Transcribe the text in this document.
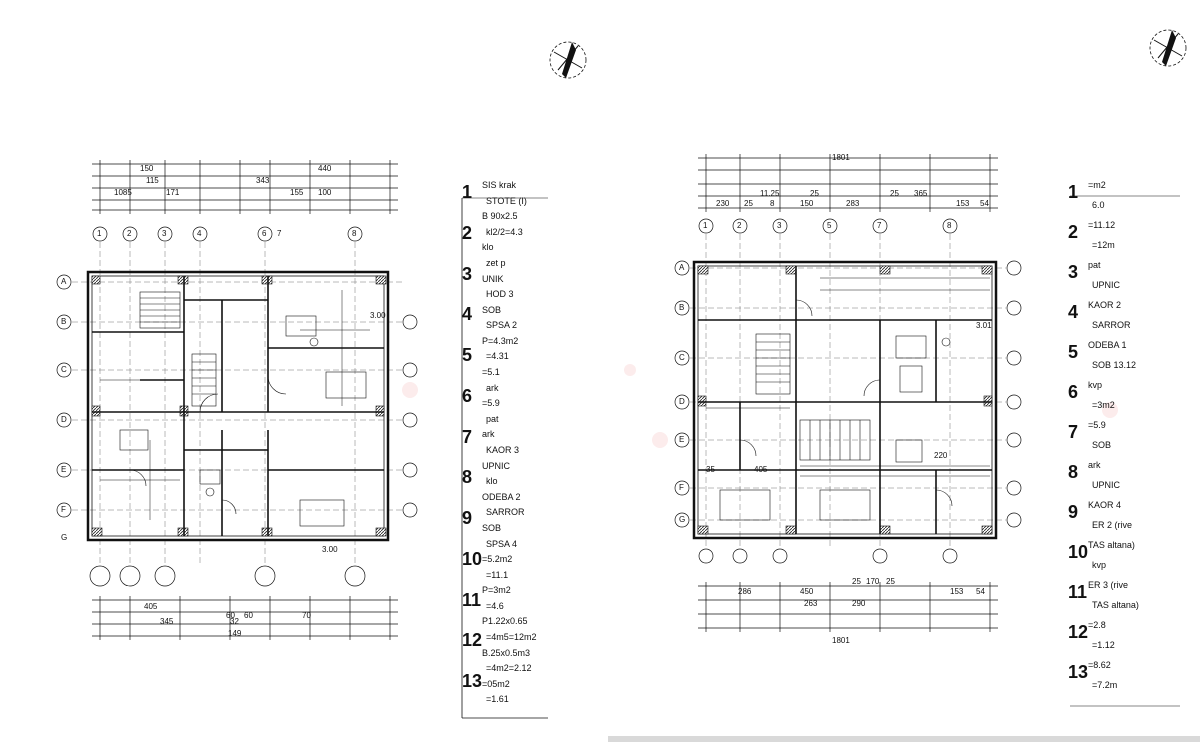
150	440
115	343
155 100
1085	171
60 60
405
345	32
70
149
1	2	3	4	6 7	8
A
B
C
D
E
F
G
3.00
3.00
1
2
3
4
5
6
7
8
9
10
11
12
13
SIS krak
STOTE (I)
B 90x2.5
kl2/2=4.3
klo
zet p
UNIK
HOD 3
SOB
SPSA 2
P=4.3m2
=4.31
=5.1
ark
=5.9
pat
ark
KAOR 3
UPNIC
klo
ODEBA 2
SARROR
SOB
SPSA 4
=5.2m2
=11.1
P=3m2
=4.6
P1.22x0.65
=4m5=12m2
B.25x0.5m3
=4m2=2.12
=05m2
=1.61
1801
1801
11.25	25
283
365
25
153 54
230 25 8	150
286	450
25 170 25
153 54
263	290
405
35
220
3.01
1	2	3	5	7	8
A
B
C
D
E
F
G
1
2
3
4
5
6
7
8
9
10
11
12
13
=m2
6.0
=11.12
=12m
pat
UPNIC
KAOR 2
SARROR
ODEBA 1
SOB 13.12
kvp
=3m2
=5.9
SOB
ark
UPNIC
KAOR 4
ER 2 (rive
TAS altana)
kvp
ER 3 (rive
TAS altana)
=2.8
=1.12
=8.62
=7.2m
